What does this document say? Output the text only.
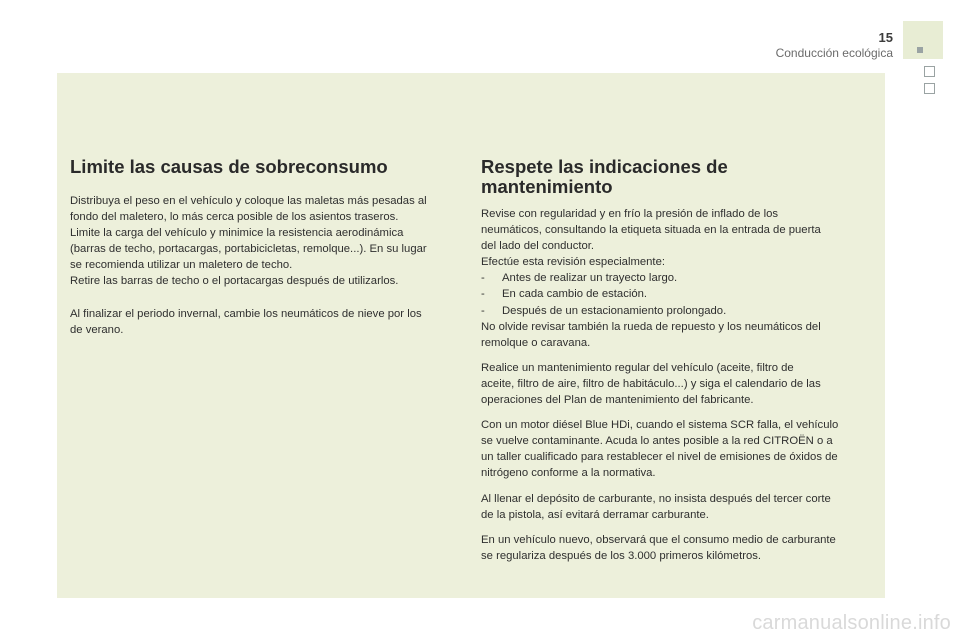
15
Conducción ecológica
Limite las causas de sobreconsumo

Distribuya el peso en el vehículo y coloque las maletas más pesadas al

fondo del maletero, lo más cerca posible de los asientos traseros.

Limite la carga del vehículo y minimice la resistencia aerodinámica

(barras de techo, portacargas, portabicicletas, remolque...). En su lugar

se recomienda utilizar un maletero de techo.

Retire las barras de techo o el portacargas después de utilizarlos.

Al finalizar el periodo invernal, cambie los neumáticos de nieve por los

de verano.

Respete las indicaciones de
mantenimiento

Revise con regularidad y en frío la presión de inflado de los

neumáticos, consultando la etiqueta situada en la entrada de puerta

del lado del conductor.

Efectúe esta revisión especialmente:

-	Antes de realizar un trayecto largo.
-	En cada cambio de estación.
-	Después de un estacionamiento prolongado.

No olvide revisar también la rueda de repuesto y los neumáticos del

remolque o caravana.

Realice un mantenimiento regular del vehículo (aceite, filtro de

aceite, filtro de aire, filtro de habitáculo...) y siga el calendario de las

operaciones del Plan de mantenimiento del fabricante.

Con un motor diésel Blue HDi, cuando el sistema SCR falla, el vehículo

se vuelve contaminante. Acuda lo antes posible a la red CITROËN o a

un taller cualificado para restablecer el nivel de emisiones de óxidos de

nitrógeno conforme a la normativa.

Al llenar el depósito de carburante, no insista después del tercer corte

de la pistola, así evitará derramar carburante.

En un vehículo nuevo, observará que el consumo medio de carburante

se regulariza después de los 3.000 primeros kilómetros.

carmanualsonline.info
